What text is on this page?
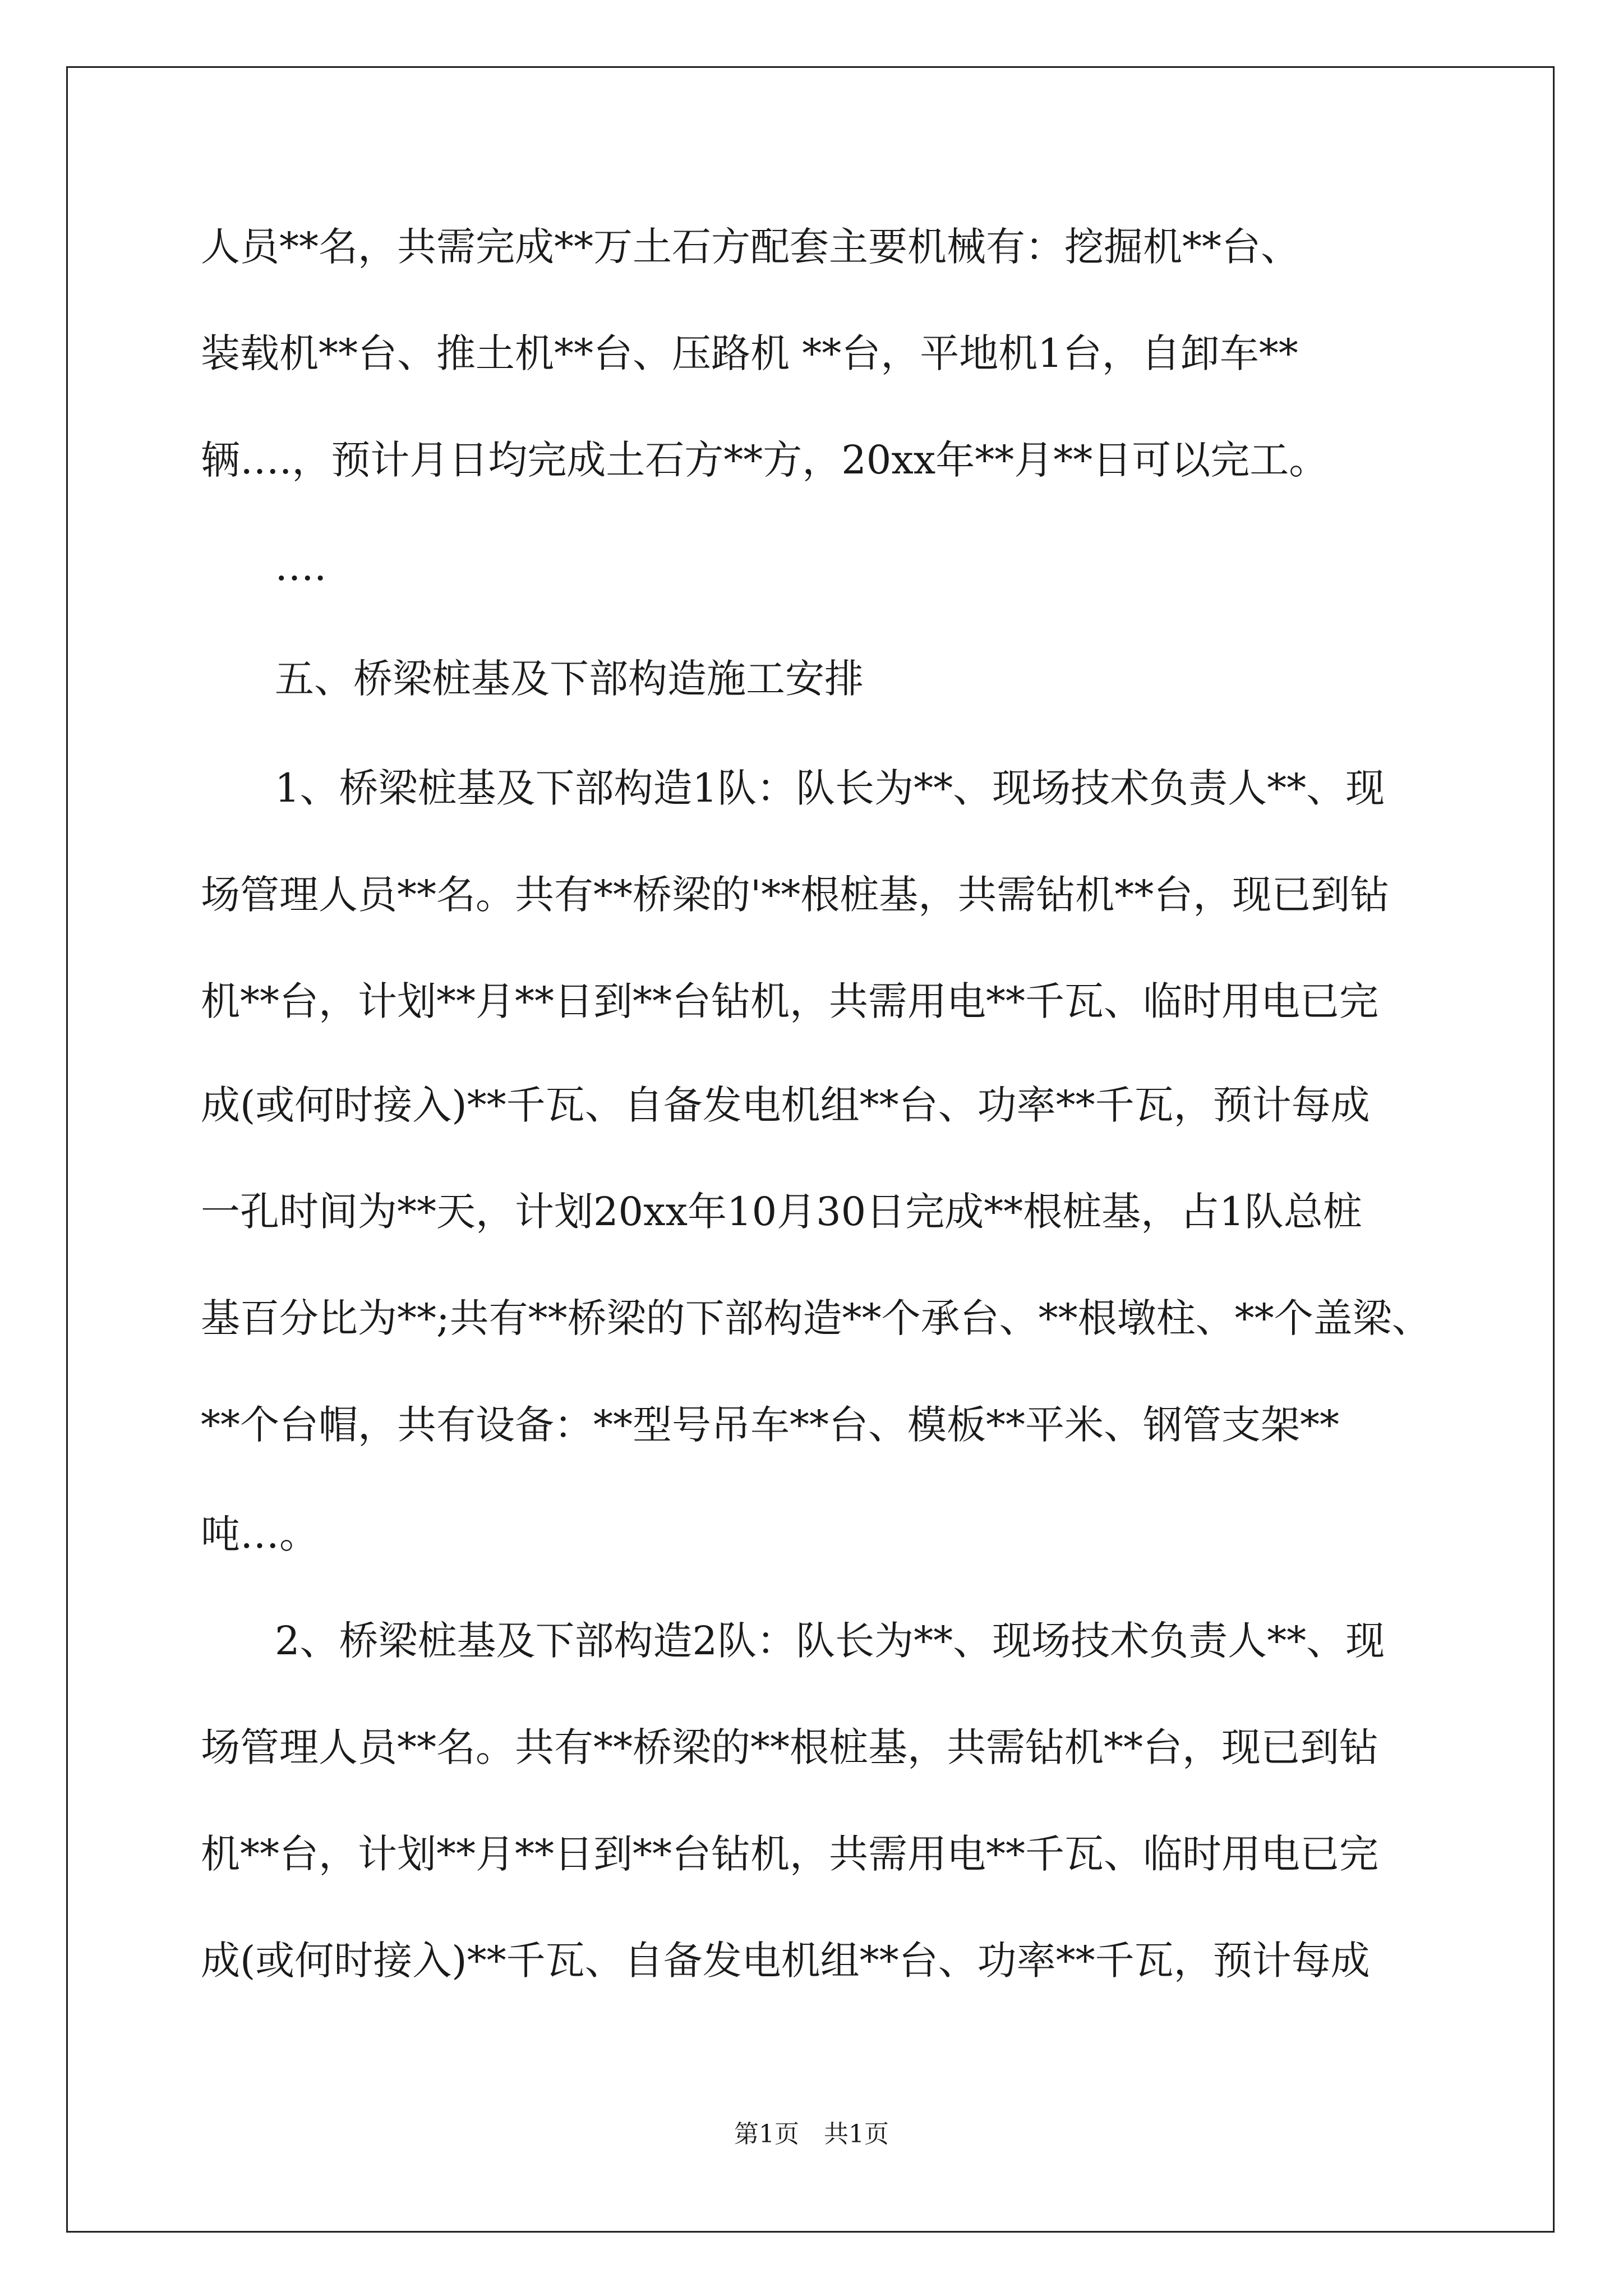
人员**名，共需完成**万土石方配套主要机械有：挖掘机**台、

装载机**台、推土机**台、压路机 **台，平地机1台，自卸车**

辆….，预计月日均完成土石方**方，20xx年**月**日可以完工。

….

五、桥梁桩基及下部构造施工安排

1、桥梁桩基及下部构造1队：队长为**、现场技术负责人**、现

场管理人员**名。共有**桥梁的'**根桩基，共需钻机**台，现已到钻

机**台，计划**月**日到**台钻机，共需用电**千瓦、临时用电已完

成(或何时接入)**千瓦、自备发电机组**台、功率**千瓦，预计每成

一孔时间为**天，计划20xx年10月30日完成**根桩基，占1队总桩

基百分比为**;共有**桥梁的下部构造**个承台、**根墩柱、**个盖梁、

**个台帽，共有设备：**型号吊车**台、模板**平米、钢管支架**

吨…。

2、桥梁桩基及下部构造2队：队长为**、现场技术负责人**、现

场管理人员**名。共有**桥梁的**根桩基，共需钻机**台，现已到钻

机**台，计划**月**日到**台钻机，共需用电**千瓦、临时用电已完

成(或何时接入)**千瓦、自备发电机组**台、功率**千瓦，预计每成

第1页　共1页
